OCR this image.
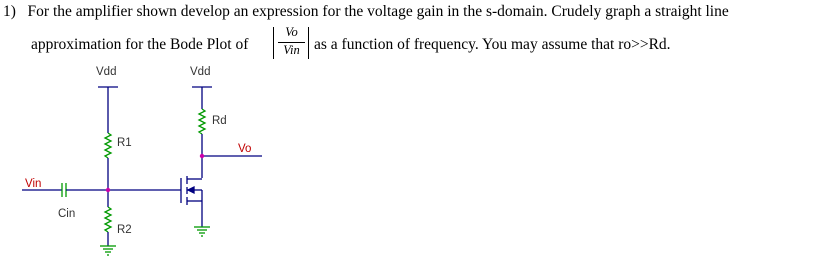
1) For the amplifier shown develop an expression for the voltage gain in the s-domain. Crudely graph a straight line
approximation for the Bode Plot of
Vo
Vin as a function of frequency. You may assume that ro>>Rd.
Vdd	Vdd
R1
R2
Rd
Vo
Vin
Cin
